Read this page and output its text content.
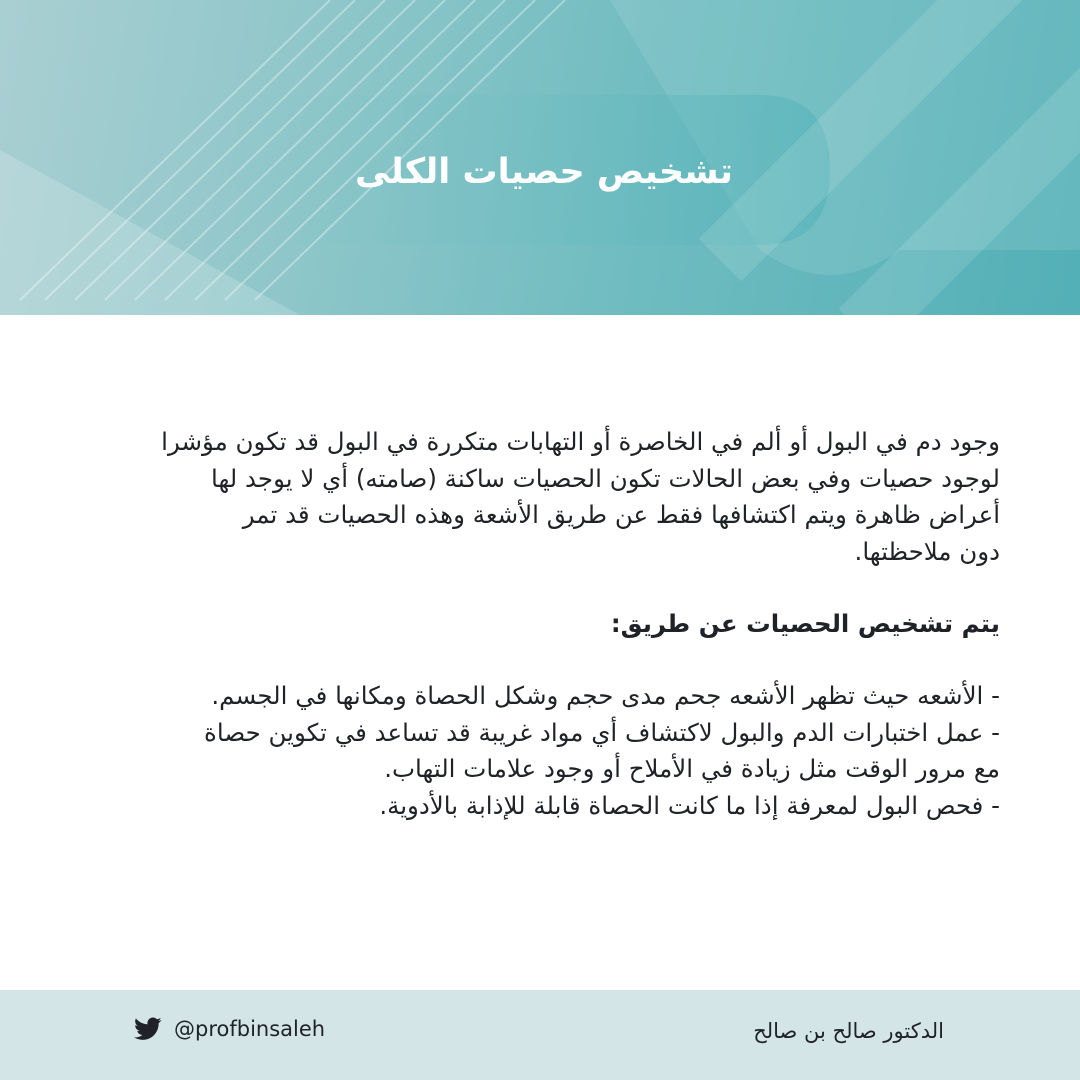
تشخيص حصيات الكلى
وجود دم في البول أو ألم في الخاصرة أو التهابات متكررة في البول قد تكون مؤشرا
لوجود حصيات وفي بعض الحالات تكون الحصيات ساكنة (صامته) أي لا يوجد لها
أعراض ظاهرة ويتم اكتشافها فقط عن طريق الأشعة وهذه الحصيات قد تمر
دون ملاحظتها.
يتم تشخيص الحصيات عن طريق:
- الأشعه حيث تظهر الأشعه جحم مدى حجم وشكل الحصاة ومكانها في الجسم.
- عمل اختبارات الدم والبول لاكتشاف أي مواد غريبة قد تساعد في تكوين حصاة
مع مرور الوقت مثل زيادة في الأملاح أو وجود علامات التهاب.
- فحص البول لمعرفة إذا ما كانت الحصاة قابلة للإذابة بالأدوية.
@profbinsaleh	الدكتور صالح بن صالح
